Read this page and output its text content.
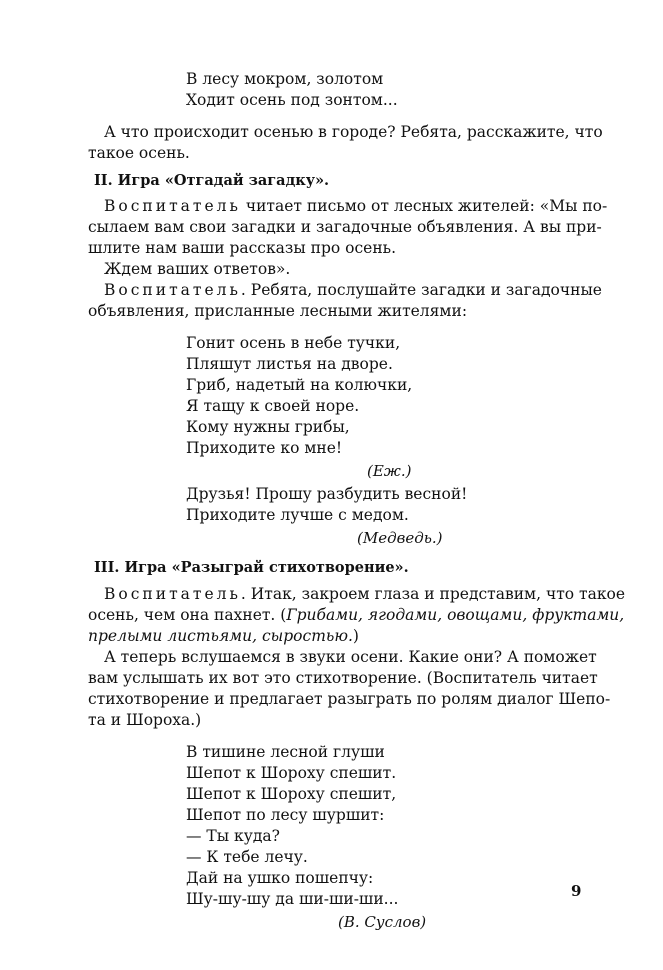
В лесу мокром, золотом
Ходит осень под зонтом...
А что происходит осенью в городе? Ребята, расскажите, что
такое осень.
II. Игра «Отгадай загадку».
Воспитатель читает письмо от лесных жителей: «Мы по-
сылаем вам свои загадки и загадочные объявления. А вы при-
шлите нам ваши рассказы про осень.
Ждем ваших ответов».
Воспитатель. Ребята, послушайте загадки и загадочные
объявления, присланные лесными жителями:
Гонит осень в небе тучки,
Пляшут листья на дворе.
Гриб, надетый на колючки,
Я тащу к своей норе.
Кому нужны грибы,
Приходите ко мне!
(Еж.)
Друзья! Прошу разбудить весной!
Приходите лучше с медом.
(Медведь.)
III. Игра «Разыграй стихотворение».
Воспитатель. Итак, закроем глаза и представим, что такое
осень, чем она пахнет. (Грибами, ягодами, овощами, фруктами,
прелыми листьями, сыростью.)
А теперь вслушаемся в звуки осени. Какие они? А поможет
вам услышать их вот это стихотворение. (Воспитатель читает
стихотворение и предлагает разыграть по ролям диалог Шепо-
та и Шороха.)
В тишине лесной глуши
Шепот к Шороху спешит.
Шепот к Шороху спешит,
Шепот по лесу шуршит:
— Ты куда?
— К тебе лечу.
Дай на ушко пошепчу:
Шу-шу-шу да ши-ши-ши...
(В. Суслов)
9
